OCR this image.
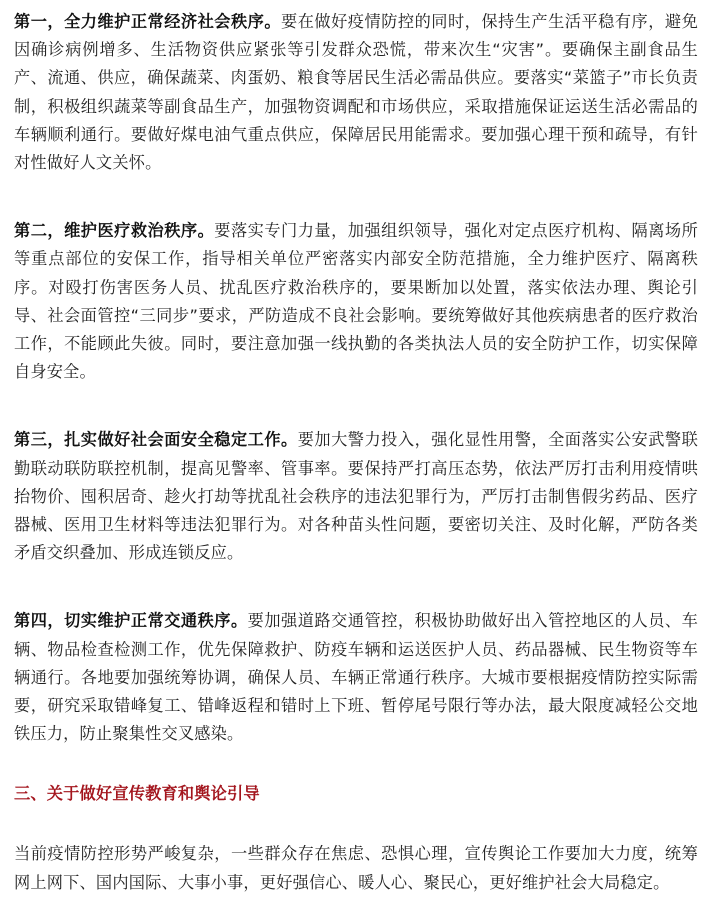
第一，全力维护正常经济社会秩序。要在做好疫情防控的同时，保持生产生活平稳有序，避免因确诊病例增多、生活物资供应紧张等引发群众恐慌，带来次生“灾害”。要确保主副食品生产、流通、供应，确保蔬菜、肉蛋奶、粮食等居民生活必需品供应。要落实“菜篮子”市长负责制，积极组织蔬菜等副食品生产，加强物资调配和市场供应，采取措施保证运送生活必需品的车辆顺利通行。要做好煤电油气重点供应，保障居民用能需求。要加强心理干预和疏导，有针对性做好人文关怀。

第二，维护医疗救治秩序。要落实专门力量，加强组织领导，强化对定点医疗机构、隔离场所等重点部位的安保工作，指导相关单位严密落实内部安全防范措施，全力维护医疗、隔离秩序。对殴打伤害医务人员、扰乱医疗救治秩序的，要果断加以处置，落实依法办理、舆论引导、社会面管控“三同步”要求，严防造成不良社会影响。要统筹做好其他疾病患者的医疗救治工作，不能顾此失彼。同时，要注意加强一线执勤的各类执法人员的安全防护工作，切实保障自身安全。

第三，扎实做好社会面安全稳定工作。要加大警力投入，强化显性用警，全面落实公安武警联勤联动联防联控机制，提高见警率、管事率。要保持严打高压态势，依法严厉打击利用疫情哄抬物价、囤积居奇、趁火打劫等扰乱社会秩序的违法犯罪行为，严厉打击制售假劣药品、医疗器械、医用卫生材料等违法犯罪行为。对各种苗头性问题，要密切关注、及时化解，严防各类矛盾交织叠加、形成连锁反应。

第四，切实维护正常交通秩序。要加强道路交通管控，积极协助做好出入管控地区的人员、车辆、物品检查检测工作，优先保障救护、防疫车辆和运送医护人员、药品器械、民生物资等车辆通行。各地要加强统筹协调，确保人员、车辆正常通行秩序。大城市要根据疫情防控实际需要，研究采取错峰复工、错峰返程和错时上下班、暂停尾号限行等办法，最大限度减轻公交地铁压力，防止聚集性交叉感染。

三、关于做好宣传教育和舆论引导

当前疫情防控形势严峻复杂，一些群众存在焦虑、恐惧心理，宣传舆论工作要加大力度，统筹网上网下、国内国际、大事小事，更好强信心、暖人心、聚民心，更好维护社会大局稳定。
